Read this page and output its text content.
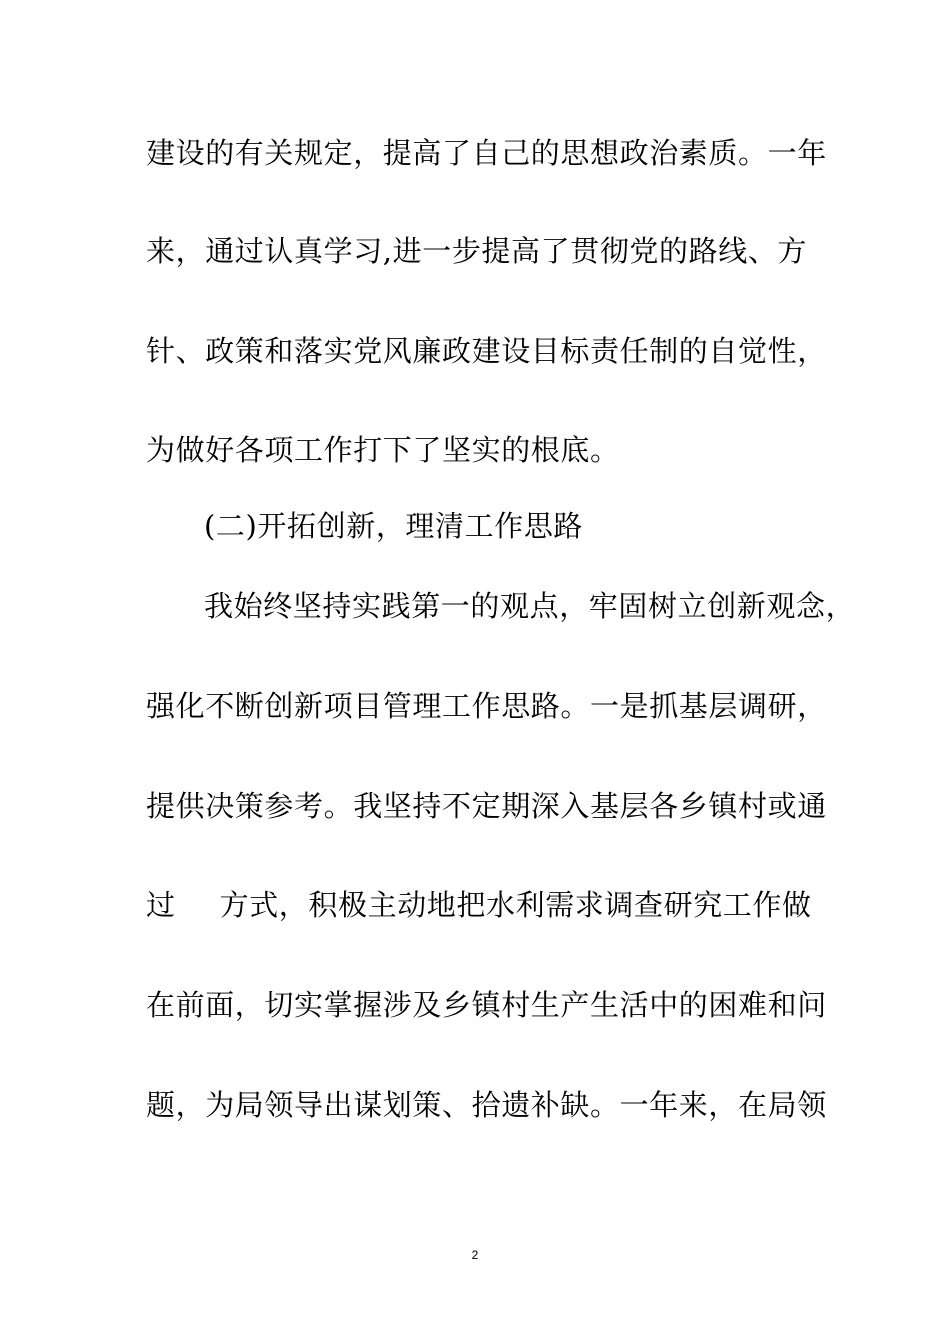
建设的有关规定，提高了自己的思想政治素质。一年
来，通过认真学习,进一步提高了贯彻党的路线、方
针、政策和落实党风廉政建设目标责任制的自觉性，
为做好各项工作打下了坚实的根底。
(二)开拓创新，理清工作思路
我始终坚持实践第一的观点，牢固树立创新观念，
强化不断创新项目管理工作思路。一是抓基层调研，
提供决策参考。我坚持不定期深入基层各乡镇村或通
过 方式，积极主动地把水利需求调查研究工作做
在前面，切实掌握涉及乡镇村生产生活中的困难和问
题，为局领导出谋划策、拾遗补缺。一年来，在局领
2
